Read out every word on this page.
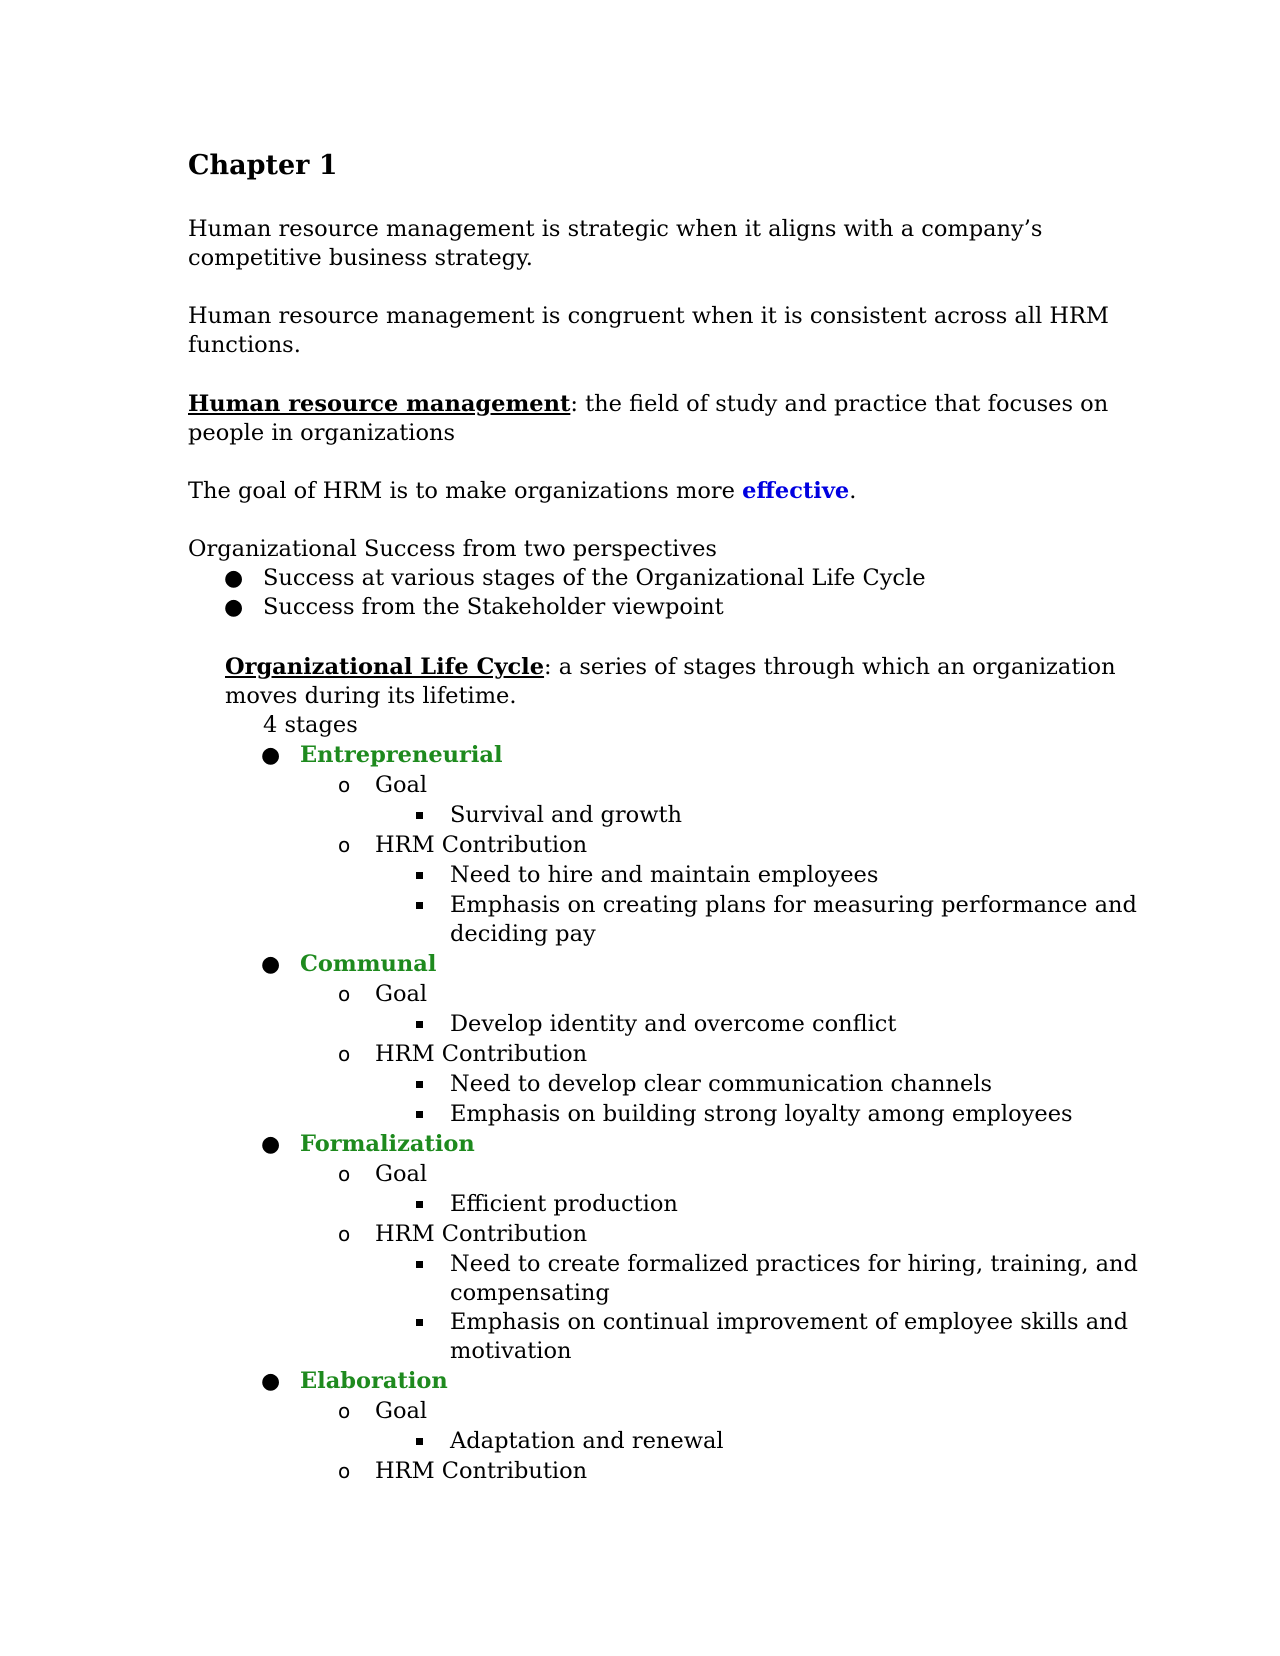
Chapter 1
Human resource management is strategic when it aligns with a company’s
competitive business strategy.
Human resource management is congruent when it is consistent across all HRM
functions.
Human resource management: the field of study and practice that focuses on
people in organizations
The goal of HRM is to make organizations more effective.
Organizational Success from two perspectives
● Success at various stages of the Organizational Life Cycle
● Success from the Stakeholder viewpoint
Organizational Life Cycle: a series of stages through which an organization
moves during its lifetime.
4 stages
● Entrepreneurial
o Goal
Survival and growth
o HRM Contribution
Need to hire and maintain employees
Emphasis on creating plans for measuring performance and
deciding pay
● Communal
o Goal
Develop identity and overcome conflict
o HRM Contribution
Need to develop clear communication channels
Emphasis on building strong loyalty among employees
● Formalization
o Goal
Efficient production
o HRM Contribution
Need to create formalized practices for hiring, training, and
compensating
Emphasis on continual improvement of employee skills and
motivation
● Elaboration
o Goal
Adaptation and renewal
o HRM Contribution
